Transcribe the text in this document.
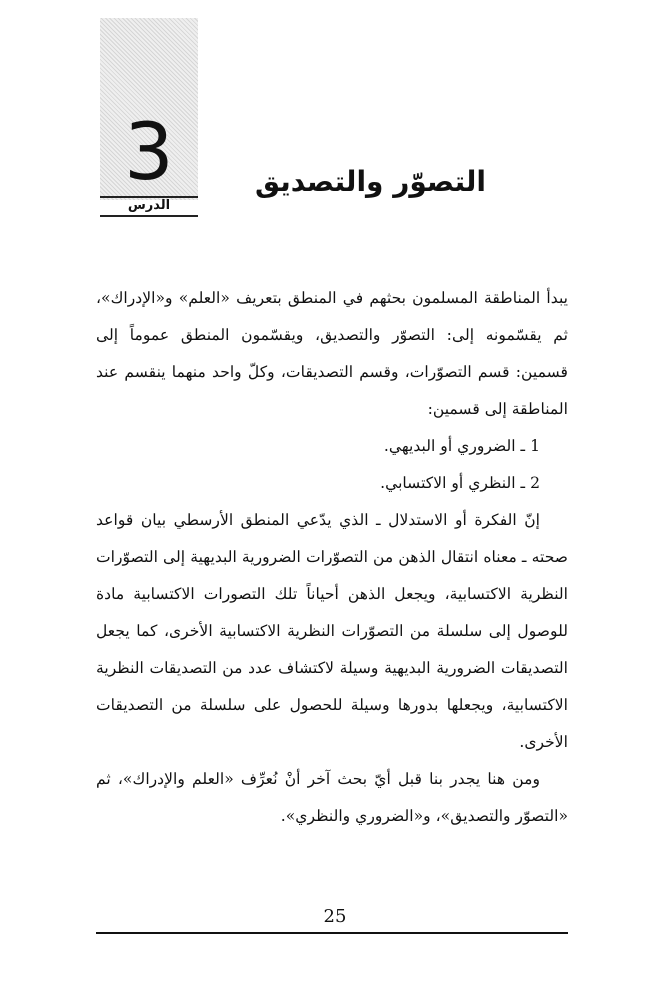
3
الدرس
التصوّر والتصديق

يبدأ المناطقة المسلمون بحثهم في المنطق بتعريف «العلم» و«الإدراك»، ثم يقسّمونه إلى: التصوّر والتصديق، ويقسّمون المنطق عموماً إلى قسمين: قسم التصوّرات، وقسم التصديقات، وكلّ واحد منهما ينقسم عند المناطقة إلى قسمين:

1 ـ الضروري أو البديهي.

2 ـ النظري أو الاكتسابي.

إنّ الفكرة أو الاستدلال ـ الذي يدّعي المنطق الأرسطي بيان قواعد صحته ـ معناه انتقال الذهن من التصوّرات الضرورية البديهية إلى التصوّرات النظرية الاكتسابية، ويجعل الذهن أحياناً تلك التصورات الاكتسابية مادة للوصول إلى سلسلة من التصوّرات النظرية الاكتسابية الأخرى، كما يجعل التصديقات الضرورية البديهية وسيلة لاكتشاف عدد من التصديقات النظرية الاكتسابية، ويجعلها بدورها وسيلة للحصول على سلسلة من التصديقات الأخرى.

ومن هنا يجدر بنا قبل أيّ بحث آخر أنْ نُعرِّف «العلم والإدراك»، ثم «التصوّر والتصديق»، و«الضروري والنظري».

25
